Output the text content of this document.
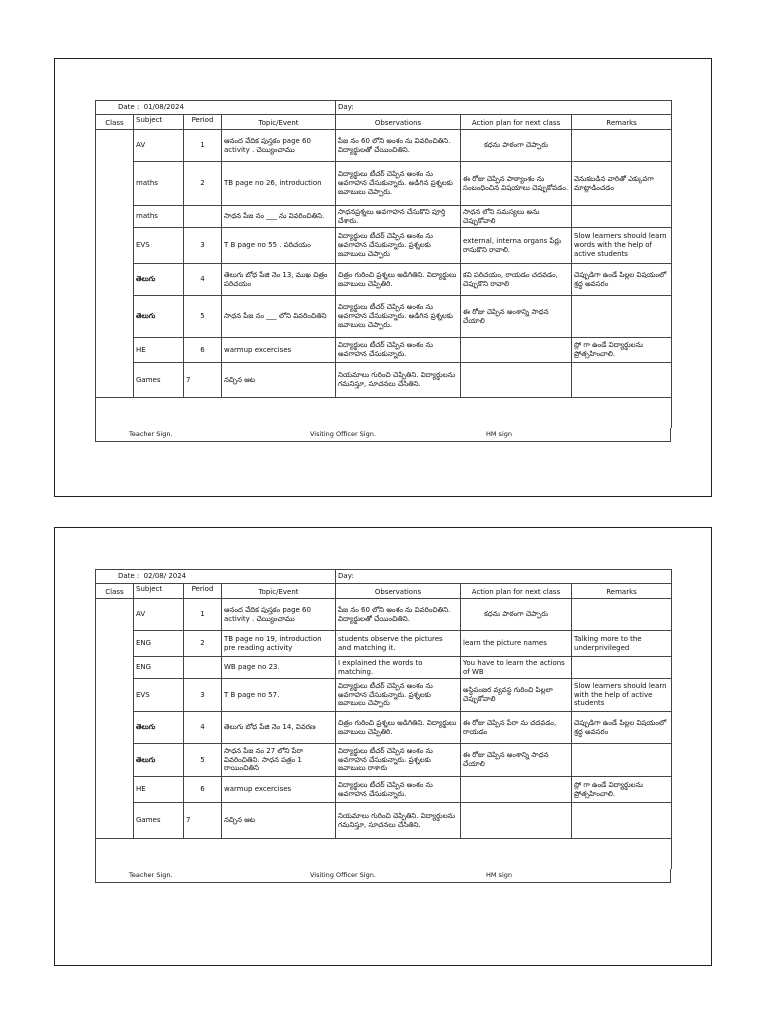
Date : 01/08/2024				Day:		
Class	Subject	Period	Topic/Event	Observations	Action plan for next class	Remarks
	AV	1	ఆనంద వేదిక పుస్తకం page 60 activity . చెయ్యించాము	పేజ నం 60 లోని అంశం ను వివరించితిని. విద్యార్థులతో చేయించితిని.	కధను పాఠంగా చెప్పారు	
	maths	2	TB page no 26, introduction	విద్యార్థులు టీచర్ చెప్పిన అంశం ను అవగాహన చేసుకున్నారు. అడిగిన ప్రశ్నలకు జవాబులు చెప్పారు.	ఈ రోజు చెప్పిన పాఠ్యాంశం ను సంబంధించిన విషయాలు చెప్పుకోవడం.	వెనుకబడిన వారితో ఎక్కువగా మాట్లాడించడం
	maths		సాధన పేజ నం ___ ను వివరించితిని.	సాధనప్రశ్నలు అవగాహన చేసుకొని పూర్తి చేశారు.	సాధన లోని సమస్యలు అను చెప్పుకోవాలి	
	EVS	3	T B page no 55 . పరిచయం	విద్యార్థులు టీచర్ చెప్పిన అంశం ను అవగాహన చేసుకున్నారు. ప్రశ్నలకు జవాబులు చెప్పారు	external, interna organs పేర్లు రాసుకొని రావాలి.	Slow learners should learn words with the help of active students
	తెలుగు	4	తెలుగు బోధ పేజి నెం 13, ముఖ చిత్రం పరిచయం	చిత్రం గురించి ప్రశ్నలు అడిగితిని. విద్యార్థులు జవాబులు చెప్పితిరి.	కవి పరిచయం, రాయడం చదవడం, చెప్పుకొని రావాలి	చెప్పుడిగా ఉండే పిల్లల విషయంలో శ్రద్ధ అవసరం
	తెలుగు	5	సాధన పేజ నం ___ లోని వివరించితిని	విద్యార్థులు టీచర్ చెప్పిన అంశం ను అవగాహన చేసుకున్నారు. అడిగిన ప్రశ్నలకు జవాబులు చెప్పారు.	ఈ రోజు చెప్పిన అంశాన్ని సాధన చేయాలి	
	HE	6	warmup excercises	విద్యార్థులు టీచర్ చెప్పిన అంశం ను అవగాహన చేసుకున్నారు.		స్లో గా ఉండే విద్యార్థులను ప్రోత్సహించాలి.
	Games	7	నచ్చిన ఆట	నియమాలు గురించి చెప్పితిని. విద్యార్థులను గమనిస్తూ, సూచనలు చేసితిని.		

Teacher Sign.	Visiting Officer Sign.	HM sign
Date : 02/08/ 2024				Day:		
Class	Subject	Period	Topic/Event	Observations	Action plan for next class	Remarks
	AV	1	ఆనంద వేదిక పుస్తకం page 60 activity . చెయ్యించాము	పేజ నం 60 లోని అంశం ను వివరించితిని. విద్యార్థులతో చేయించితిని.	కధను పాఠంగా చెప్పారు	
	ENG	2	TB page no 19, introduction pre reading activity	students observe the pictures and matching it.	learn the picture names	Talking more to the underprivileged
	ENG		WB page no 23.	I explained the words to matching.	You have to learn the actions of WB	
	EVS	3	T B page no 57.	విద్యార్థులు టీచర్ చెప్పిన అంశం ను అవగాహన చేసుకున్నారు. ప్రశ్నలకు జవాబులు చెప్పారు	అస్థిపంజర వ్యవస్థ గురించి పిల్లలా చెప్పుకోవాలి	Slow learners should learn with the help of active students
	తెలుగు	4	తెలుగు బోధ పేజి నెం 14, వివరణ	చిత్రం గురించి ప్రశ్నలు అడిగితిని. విద్యార్థులు జవాబులు చెప్పితిరి.	ఈ రోజు చెప్పిన పేరా ను చదవడం, రాయడం	చెప్పుడిగా ఉండే పిల్లల విషయంలో శ్రద్ధ అవసరం
	తెలుగు	5	సాధన పేజ నం 27 లోని పేరా వివరించితిని. సాధన పత్రం 1 రాయించితిని	విద్యార్థులు టీచర్ చెప్పిన అంశం ను అవగాహన చేసుకున్నారు. ప్రశ్నలకు జవాబులు రాశారు	ఈ రోజు చెప్పిన అంశాన్ని సాధన చేయాలి	
	HE	6	warmup excercises	విద్యార్థులు టీచర్ చెప్పిన అంశం ను అవగాహన చేసుకున్నారు.		స్లో గా ఉండే విద్యార్థులను ప్రోత్సహించాలి.
	Games	7	నచ్చిన ఆట	నియమాలు గురించి చెప్పితిని. విద్యార్థులను గమనిస్తూ, సూచనలు చేసితిని.		

Teacher Sign.	Visiting Officer Sign.	HM sign
